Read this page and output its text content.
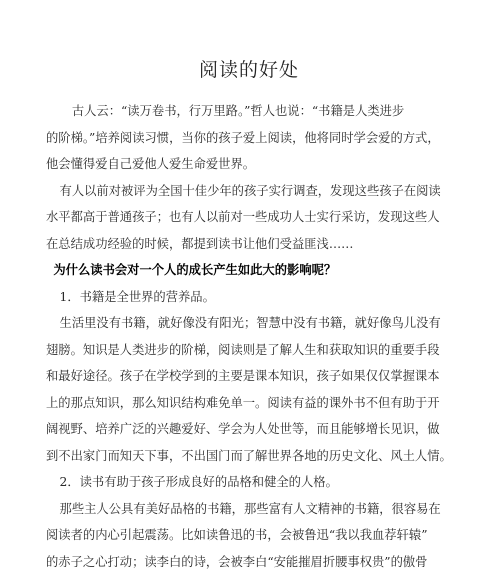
阅读的好处

古人云：“读万卷书，行万里路。”哲人也说：“书籍是人类进步
的阶梯。”培养阅读习惯，当你的孩子爱上阅读，他将同时学会爱的方式，
他会懂得爱自己爱他人爱生命爱世界。

有人以前对被评为全国十佳少年的孩子实行调查，发现这些孩子在阅读
水平都高于普通孩子；也有人以前对一些成功人士实行采访，发现这些人
在总结成功经验的时候，都提到读书让他们受益匪浅……

为什么读书会对一个人的成长产生如此大的影响呢？

1．书籍是全世界的营养品。

生活里没有书籍，就好像没有阳光；智慧中没有书籍，就好像鸟儿没有
翅膀。知识是人类进步的阶梯，阅读则是了解人生和获取知识的重要手段
和最好途径。孩子在学校学到的主要是课本知识，孩子如果仅仅掌握课本
上的那点知识，那么知识结构难免单一。阅读有益的课外书不但有助于开
阔视野、培养广泛的兴趣爱好、学会为人处世等，而且能够增长见识，做
到不出家门而知天下事，不出国门而了解世界各地的历史文化、风土人情。

2．读书有助于孩子形成良好的品格和健全的人格。

那些主人公具有美好品格的书籍，那些富有人文精神的书籍，很容易在
阅读者的内心引起震荡。比如读鲁迅的书，会被鲁迅“我以我血荐轩辕”
的赤子之心打动；读李白的诗，会被李白“安能摧眉折腰事权贵”的傲骨
